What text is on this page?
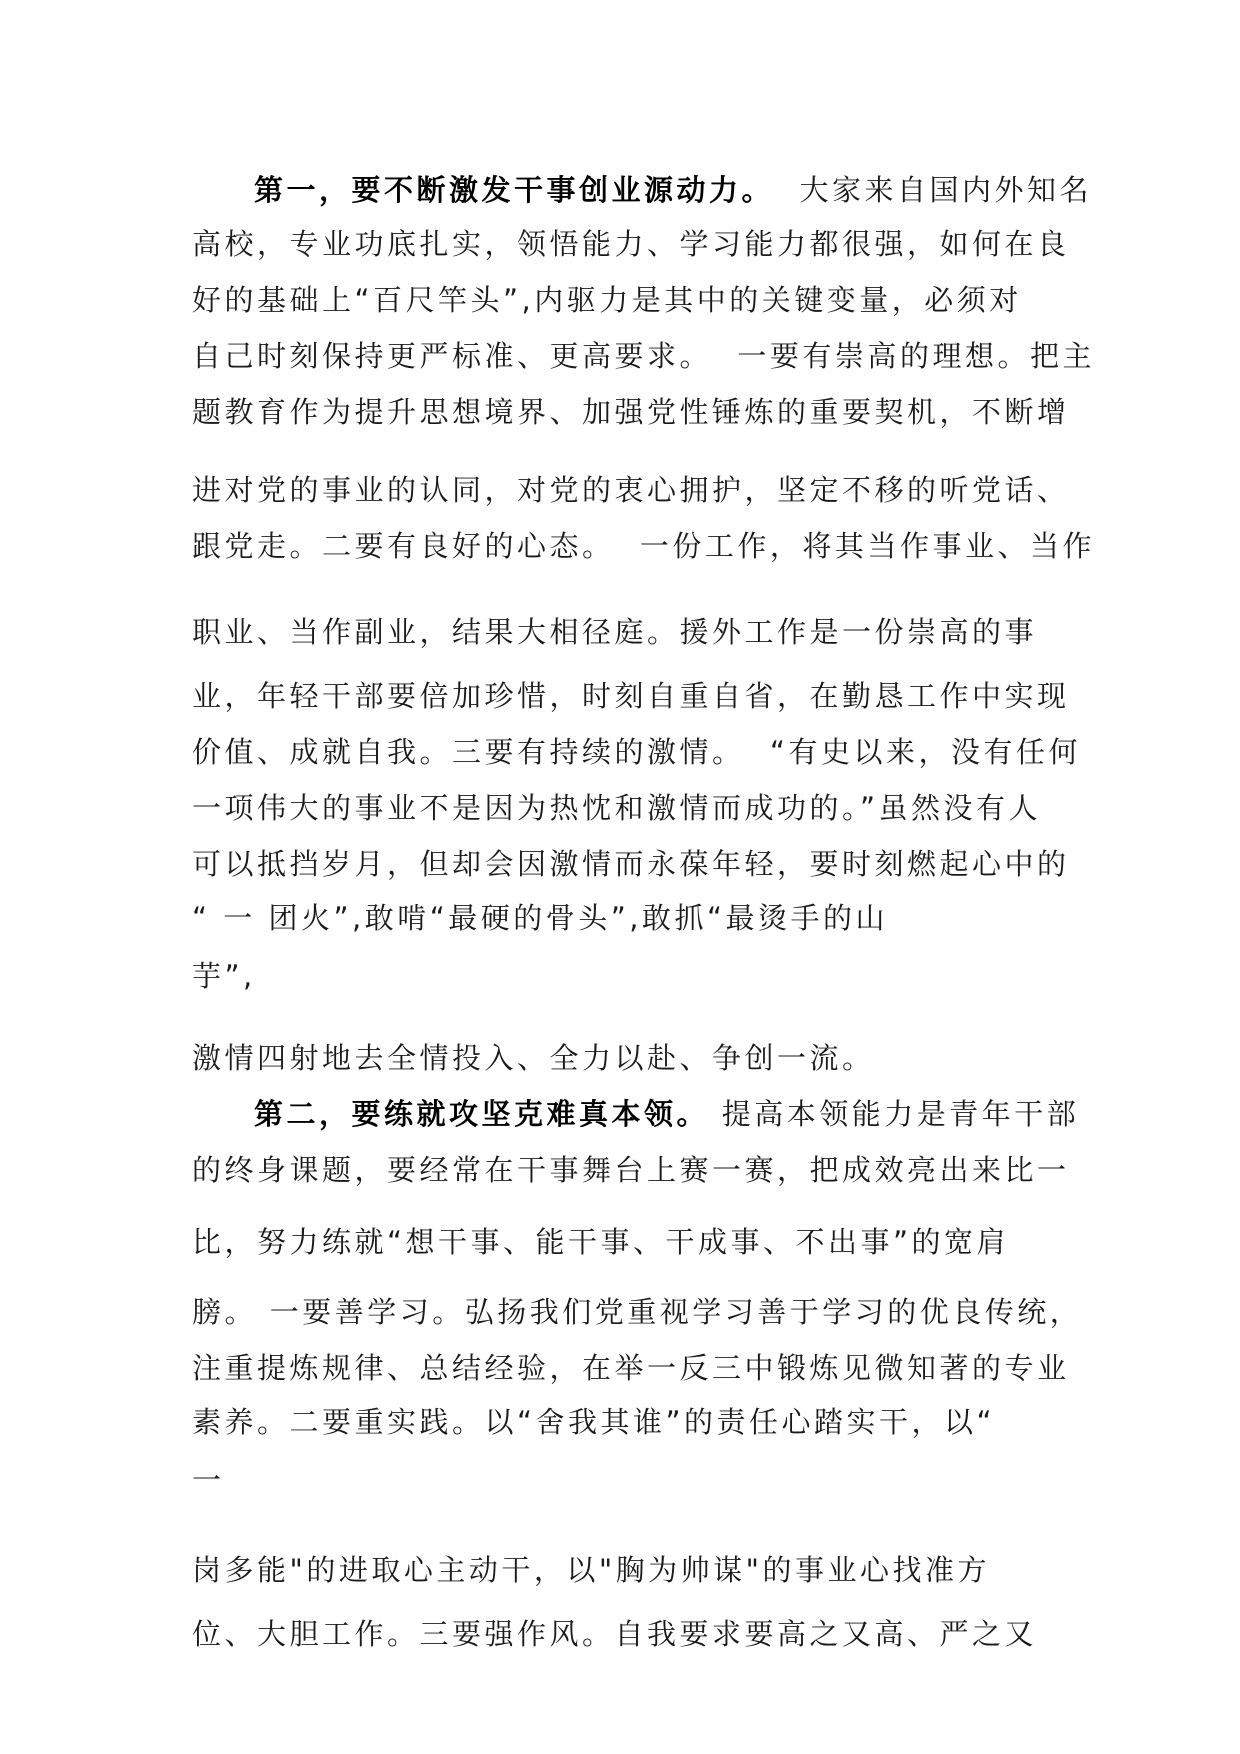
第一，要不断激发干事创业源动力。  大家来自国内外知名
高校，专业功底扎实，领悟能力、学习能力都很强，如何在良
好的基础上“百尺竿头”,内驱力是其中的关键变量，必须对
自己时刻保持更严标准、更高要求。  一要有崇高的理想。把主
题教育作为提升思想境界、加强党性锤炼的重要契机，不断增
进对党的事业的认同，对党的衷心拥护，坚定不移的听党话、
跟党走。二要有良好的心态。  一份工作，将其当作事业、当作
职业、当作副业，结果大相径庭。援外工作是一份崇高的事
业，年轻干部要倍加珍惜，时刻自重自省，在勤恳工作中实现
价值、成就自我。三要有持续的激情。  “有史以来，没有任何
一项伟大的事业不是因为热忱和激情而成功的。”虽然没有人
可以抵挡岁月，但却会因激情而永葆年轻，要时刻燃起心中的
“ 一 团火”,敢啃“最硬的骨头”,敢抓“最烫手的山
芋”,
激情四射地去全情投入、全力以赴、争创一流。
第二，要练就攻坚克难真本领。 提高本领能力是青年干部
的终身课题，要经常在干事舞台上赛一赛，把成效亮出来比一
比，努力练就“想干事、能干事、干成事、不出事”的宽肩
膀。 一要善学习。弘扬我们党重视学习善于学习的优良传统，
注重提炼规律、总结经验，在举一反三中锻炼见微知著的专业
素养。二要重实践。以“舍我其谁”的责任心踏实干，以“
一
岗多能"的进取心主动干，以"胸为帅谋"的事业心找准方
位、大胆工作。三要强作风。自我要求要高之又高、严之又
